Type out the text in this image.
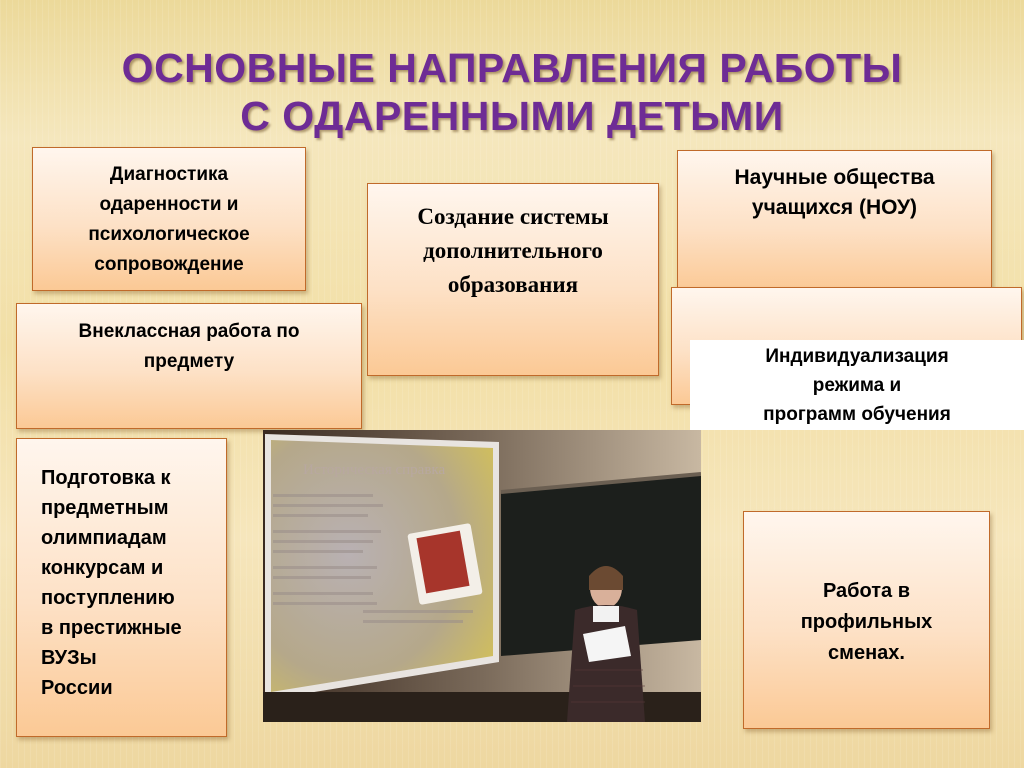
ОСНОВНЫЕ НАПРАВЛЕНИЯ РАБОТЫ
С ОДАРЕННЫМИ ДЕТЬМИ
Диагностика
одаренности и
психологическое
сопровождение
Внеклассная работа по
предмету
Создание системы
дополнительного
образования
Научные общества
учащихся (НОУ)
Индивидуализация
режима и
программ обучения
Подготовка к
предметным
олимпиадам
конкурсам и
поступлению
в престижные
ВУЗы
России
Работа в
профильных
сменах.
Историческая справка
